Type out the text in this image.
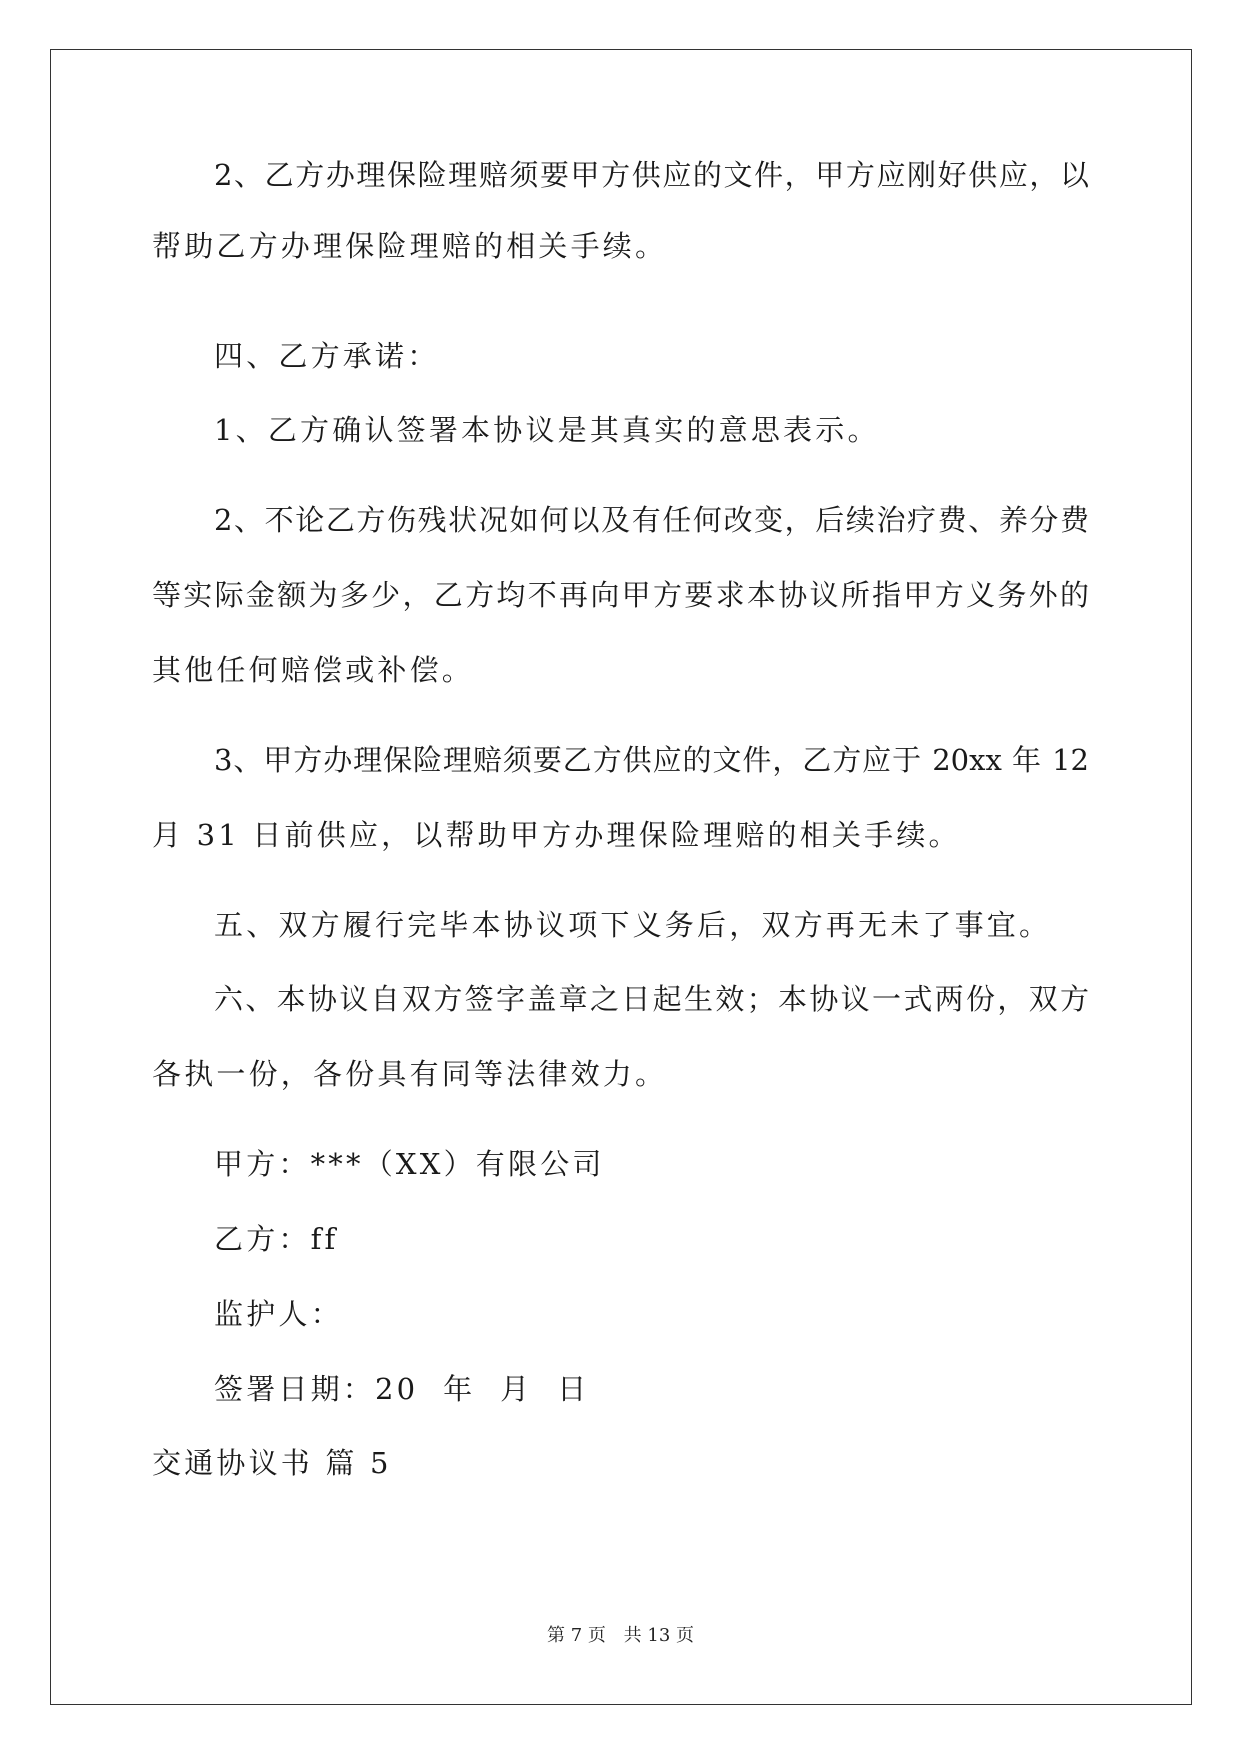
2、乙方办理保险理赔须要甲方供应的文件，甲方应刚好供应，以
帮助乙方办理保险理赔的相关手续。
四、乙方承诺：
1、乙方确认签署本协议是其真实的意思表示。
2、不论乙方伤残状况如何以及有任何改变，后续治疗费、养分费
等实际金额为多少，乙方均不再向甲方要求本协议所指甲方义务外的
其他任何赔偿或补偿。
3、甲方办理保险理赔须要乙方供应的文件，乙方应于 20xx 年 12
月 31 日前供应，以帮助甲方办理保险理赔的相关手续。
五、双方履行完毕本协议项下义务后，双方再无未了事宜。
六、本协议自双方签字盖章之日起生效；本协议一式两份，双方
各执一份，各份具有同等法律效力。
甲方：***（XX）有限公司
乙方：ff
监护人：
签署日期：20  年  月  日
交通协议书 篇 5
第 7 页 共 13 页
